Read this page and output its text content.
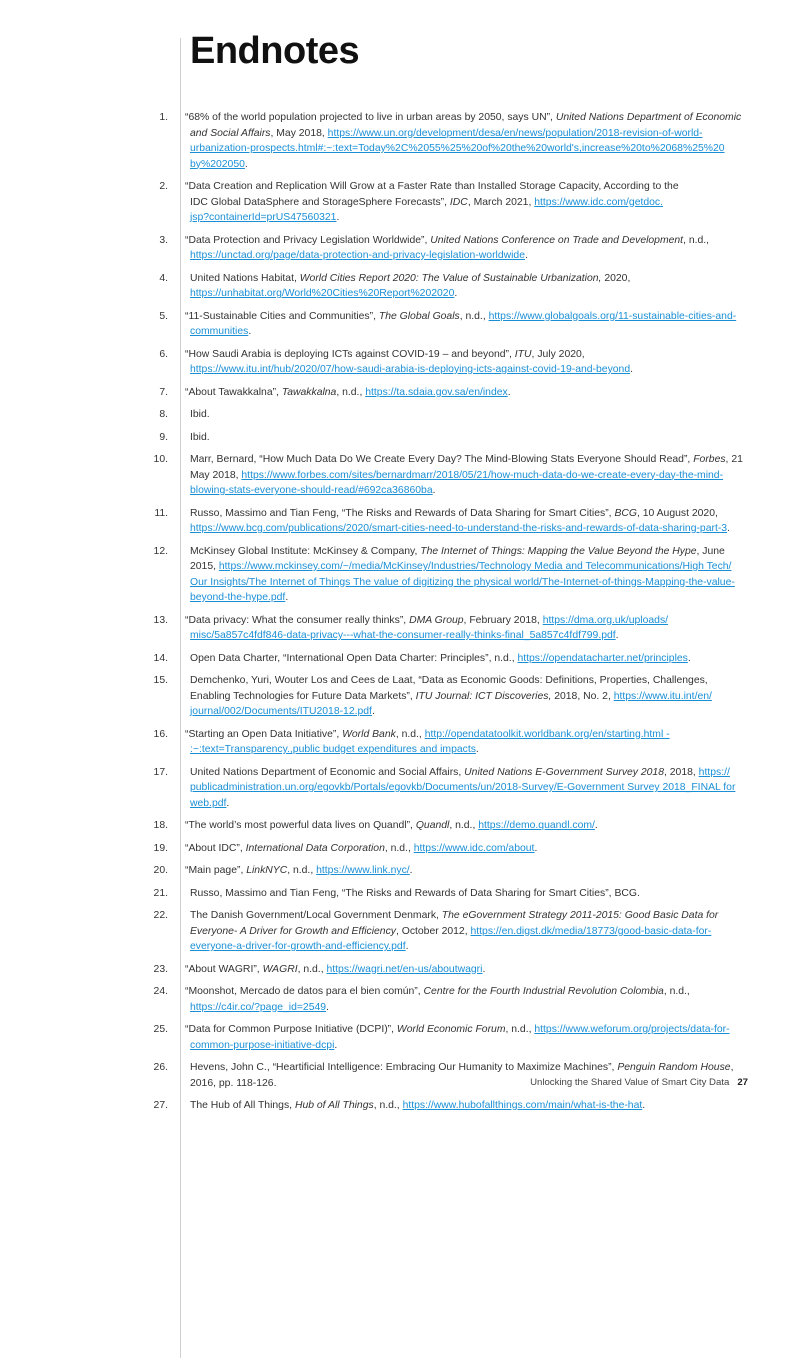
Endnotes
1. “68% of the world population projected to live in urban areas by 2050, says UN”, United Nations Department of Economic
and Social Affairs, May 2018, https://www.un.org/development/desa/en/news/population/2018-revision-of-world-
urbanization-prospects.html#:~:text=Today%2C%2055%25%20of%20the%20world's,increase%20to%2068%25%20
by%202050.
2. “Data Creation and Replication Will Grow at a Faster Rate than Installed Storage Capacity, According to the
IDC Global DataSphere and StorageSphere Forecasts”, IDC, March 2021, https://www.idc.com/getdoc.
jsp?containerId=prUS47560321.
3. “Data Protection and Privacy Legislation Worldwide”, United Nations Conference on Trade and Development, n.d.,
https://unctad.org/page/data-protection-and-privacy-legislation-worldwide.
4.	United Nations Habitat, World Cities Report 2020: The Value of Sustainable Urbanization, 2020,
https://unhabitat.org/World%20Cities%20Report%202020.
5. “11-Sustainable Cities and Communities”, The Global Goals, n.d., https://www.globalgoals.org/11-sustainable-cities-and-
communities.
6. “How Saudi Arabia is deploying ICTs against COVID-19 – and beyond”, ITU, July 2020,
https://www.itu.int/hub/2020/07/how-saudi-arabia-is-deploying-icts-against-covid-19-and-beyond.
7. “About Tawakkalna”, Tawakkalna, n.d., https://ta.sdaia.gov.sa/en/index.
8.	Ibid.
9.	Ibid.
10.	Marr, Bernard, “How Much Data Do We Create Every Day? The Mind-Blowing Stats Everyone Should Read”, Forbes, 21
May 2018, https://www.forbes.com/sites/bernardmarr/2018/05/21/how-much-data-do-we-create-every-day-the-mind-
blowing-stats-everyone-should-read/#692ca36860ba.
11.	Russo, Massimo and Tian Feng, “The Risks and Rewards of Data Sharing for Smart Cities”, BCG, 10 August 2020,
https://www.bcg.com/publications/2020/smart-cities-need-to-understand-the-risks-and-rewards-of-data-sharing-part-3.
12.	McKinsey Global Institute: McKinsey & Company, The Internet of Things: Mapping the Value Beyond the Hype, June
2015, https://www.mckinsey.com/~/media/McKinsey/Industries/Technology Media and Telecommunications/High Tech/
Our Insights/The Internet of Things The value of digitizing the physical world/The-Internet-of-things-Mapping-the-value-
beyond-the-hype.pdf.
13. “Data privacy: What the consumer really thinks”, DMA Group, February 2018, https://dma.org.uk/uploads/
misc/5a857c4fdf846-data-privacy---what-the-consumer-really-thinks-final_5a857c4fdf799.pdf.
14.	Open Data Charter, “International Open Data Charter: Principles”, n.d., https://opendatacharter.net/principles.
15.	Demchenko, Yuri, Wouter Los and Cees de Laat, “Data as Economic Goods: Definitions, Properties, Challenges,
Enabling Technologies for Future Data Markets”, ITU Journal: ICT Discoveries, 2018, No. 2, https://www.itu.int/en/
journal/002/Documents/ITU2018-12.pdf.
16. “Starting an Open Data Initiative”, World Bank, n.d., http://opendatatoolkit.worldbank.org/en/starting.html -
:~:text=Transparency.,public budget expenditures and impacts.
17.	United Nations Department of Economic and Social Affairs, United Nations E-Government Survey 2018, 2018, https://
publicadministration.un.org/egovkb/Portals/egovkb/Documents/un/2018-Survey/E-Government Survey 2018_FINAL for
web.pdf.
18. “The world’s most powerful data lives on Quandl”, Quandl, n.d., https://demo.quandl.com/.
19. “About IDC”, International Data Corporation, n.d., https://www.idc.com/about.
20. “Main page”, LinkNYC, n.d., https://www.link.nyc/.
21.	Russo, Massimo and Tian Feng, “The Risks and Rewards of Data Sharing for Smart Cities”, BCG.
22.	The Danish Government/Local Government Denmark, The eGovernment Strategy 2011-2015: Good Basic Data for
Everyone- A Driver for Growth and Efficiency, October 2012, https://en.digst.dk/media/18773/good-basic-data-for-
everyone-a-driver-for-growth-and-efficiency.pdf.
23. “About WAGRI”, WAGRI, n.d., https://wagri.net/en-us/aboutwagri.
24. “Moonshot, Mercado de datos para el bien común”, Centre for the Fourth Industrial Revolution Colombia, n.d.,
https://c4ir.co/?page_id=2549.
25. “Data for Common Purpose Initiative (DCPI)”, World Economic Forum, n.d., https://www.weforum.org/projects/data-for-
common-purpose-initiative-dcpi.
26.	Hevens, John C., “Heartificial Intelligence: Embracing Our Humanity to Maximize Machines”, Penguin Random House,
2016, pp. 118-126.
27.	The Hub of All Things, Hub of All Things, n.d., https://www.hubofallthings.com/main/what-is-the-hat.
Unlocking the Shared Value of Smart City Data 27
